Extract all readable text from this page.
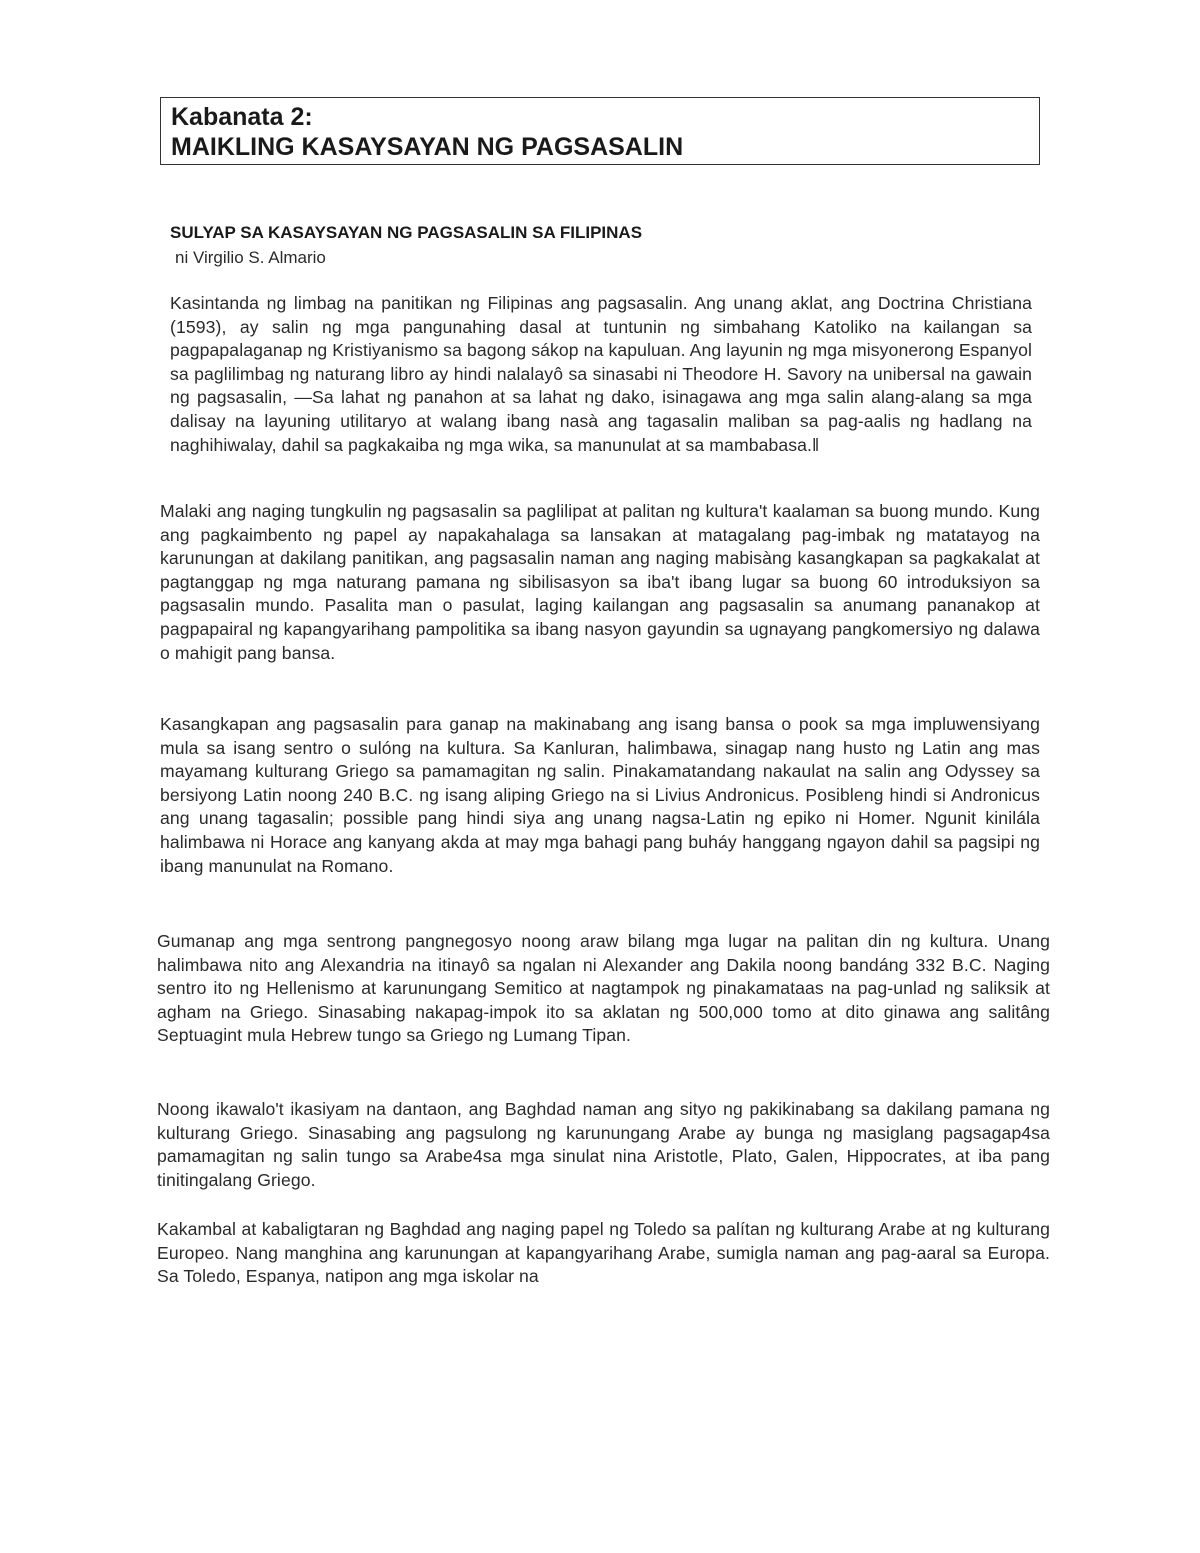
Kabanata 2:
MAIKLING KASAYSAYAN NG PAGSASALIN
SULYAP SA KASAYSAYAN NG PAGSASALIN SA FILIPINAS
ni Virgilio S. Almario

Kasintanda ng limbag na panitikan ng Filipinas ang pagsasalin. Ang unang aklat, ang Doctrina Christiana (1593), ay salin ng mga pangunahing dasal at tuntunin ng simbahang Katoliko na kailangan sa pagpapalaganap ng Kristiyanismo sa bagong sákop na kapuluan. Ang layunin ng mga misyonerong Espanyol sa paglilimbag ng naturang libro ay hindi nalalayô sa sinasabi ni Theodore H. Savory na unibersal na gawain ng pagsasalin, ―Sa lahat ng panahon at sa lahat ng dako, isinagawa ang mga salin alang-alang sa mga dalisay na layuning utilitaryo at walang ibang nasà ang tagasalin maliban sa pag-aalis ng hadlang na naghihiwalay, dahil sa pagkakaiba ng mga wika, sa manunulat at sa mambabasa.‖

Malaki ang naging tungkulin ng pagsasalin sa paglilipat at palitan ng kultura't kaalaman sa buong mundo. Kung ang pagkaimbento ng papel ay napakahalaga sa lansakan at matagalang pag-imbak ng matatayog na karunungan at dakilang panitikan, ang pagsasalin naman ang naging mabisàng kasangkapan sa pagkakalat at pagtanggap ng mga naturang pamana ng sibilisasyon sa iba't ibang lugar sa buong 60 introduksiyon sa pagsasalin mundo. Pasalita man o pasulat, laging kailangan ang pagsasalin sa anumang pananakop at pagpapairal ng kapangyarihang pampolitika sa ibang nasyon gayundin sa ugnayang pangkomersiyo ng dalawa o mahigit pang bansa.

Kasangkapan ang pagsasalin para ganap na makinabang ang isang bansa o pook sa mga impluwensiyang mula sa isang sentro o sulóng na kultura. Sa Kanluran, halimbawa, sinagap nang husto ng Latin ang mas mayamang kulturang Griego sa pamamagitan ng salin. Pinakamatandang nakaulat na salin ang Odyssey sa bersiyong Latin noong 240 B.C. ng isang aliping Griego na si Livius Andronicus. Posibleng hindi si Andronicus ang unang tagasalin; possible pang hindi siya ang unang nagsa-Latin ng epiko ni Homer. Ngunit kinilála halimbawa ni Horace ang kanyang akda at may mga bahagi pang buháy hanggang ngayon dahil sa pagsipi ng ibang manunulat na Romano.

Gumanap ang mga sentrong pangnegosyo noong araw bilang mga lugar na palitan din ng kultura. Unang halimbawa nito ang Alexandria na itinayô sa ngalan ni Alexander ang Dakila noong bandáng 332 B.C. Naging sentro ito ng Hellenismo at karunungang Semitico at nagtampok ng pinakamataas na pag-unlad ng saliksik at agham na Griego. Sinasabing nakapag-impok ito sa aklatan ng 500,000 tomo at dito ginawa ang salitâng Septuagint mula Hebrew tungo sa Griego ng Lumang Tipan.

Noong ikawalo't ikasiyam na dantaon, ang Baghdad naman ang sityo ng pakikinabang sa dakilang pamana ng kulturang Griego. Sinasabing ang pagsulong ng karunungang Arabe ay bunga ng masiglang pagsagap4sa pamamagitan ng salin tungo sa Arabe4sa mga sinulat nina Aristotle, Plato, Galen, Hippocrates, at iba pang tinitingalang Griego.

Kakambal at kabaligtaran ng Baghdad ang naging papel ng Toledo sa palítan ng kulturang Arabe at ng kulturang Europeo. Nang manghina ang karunungan at kapangyarihang Arabe, sumigla naman ang pag-aaral sa Europa. Sa Toledo, Espanya, natipon ang mga iskolar na
